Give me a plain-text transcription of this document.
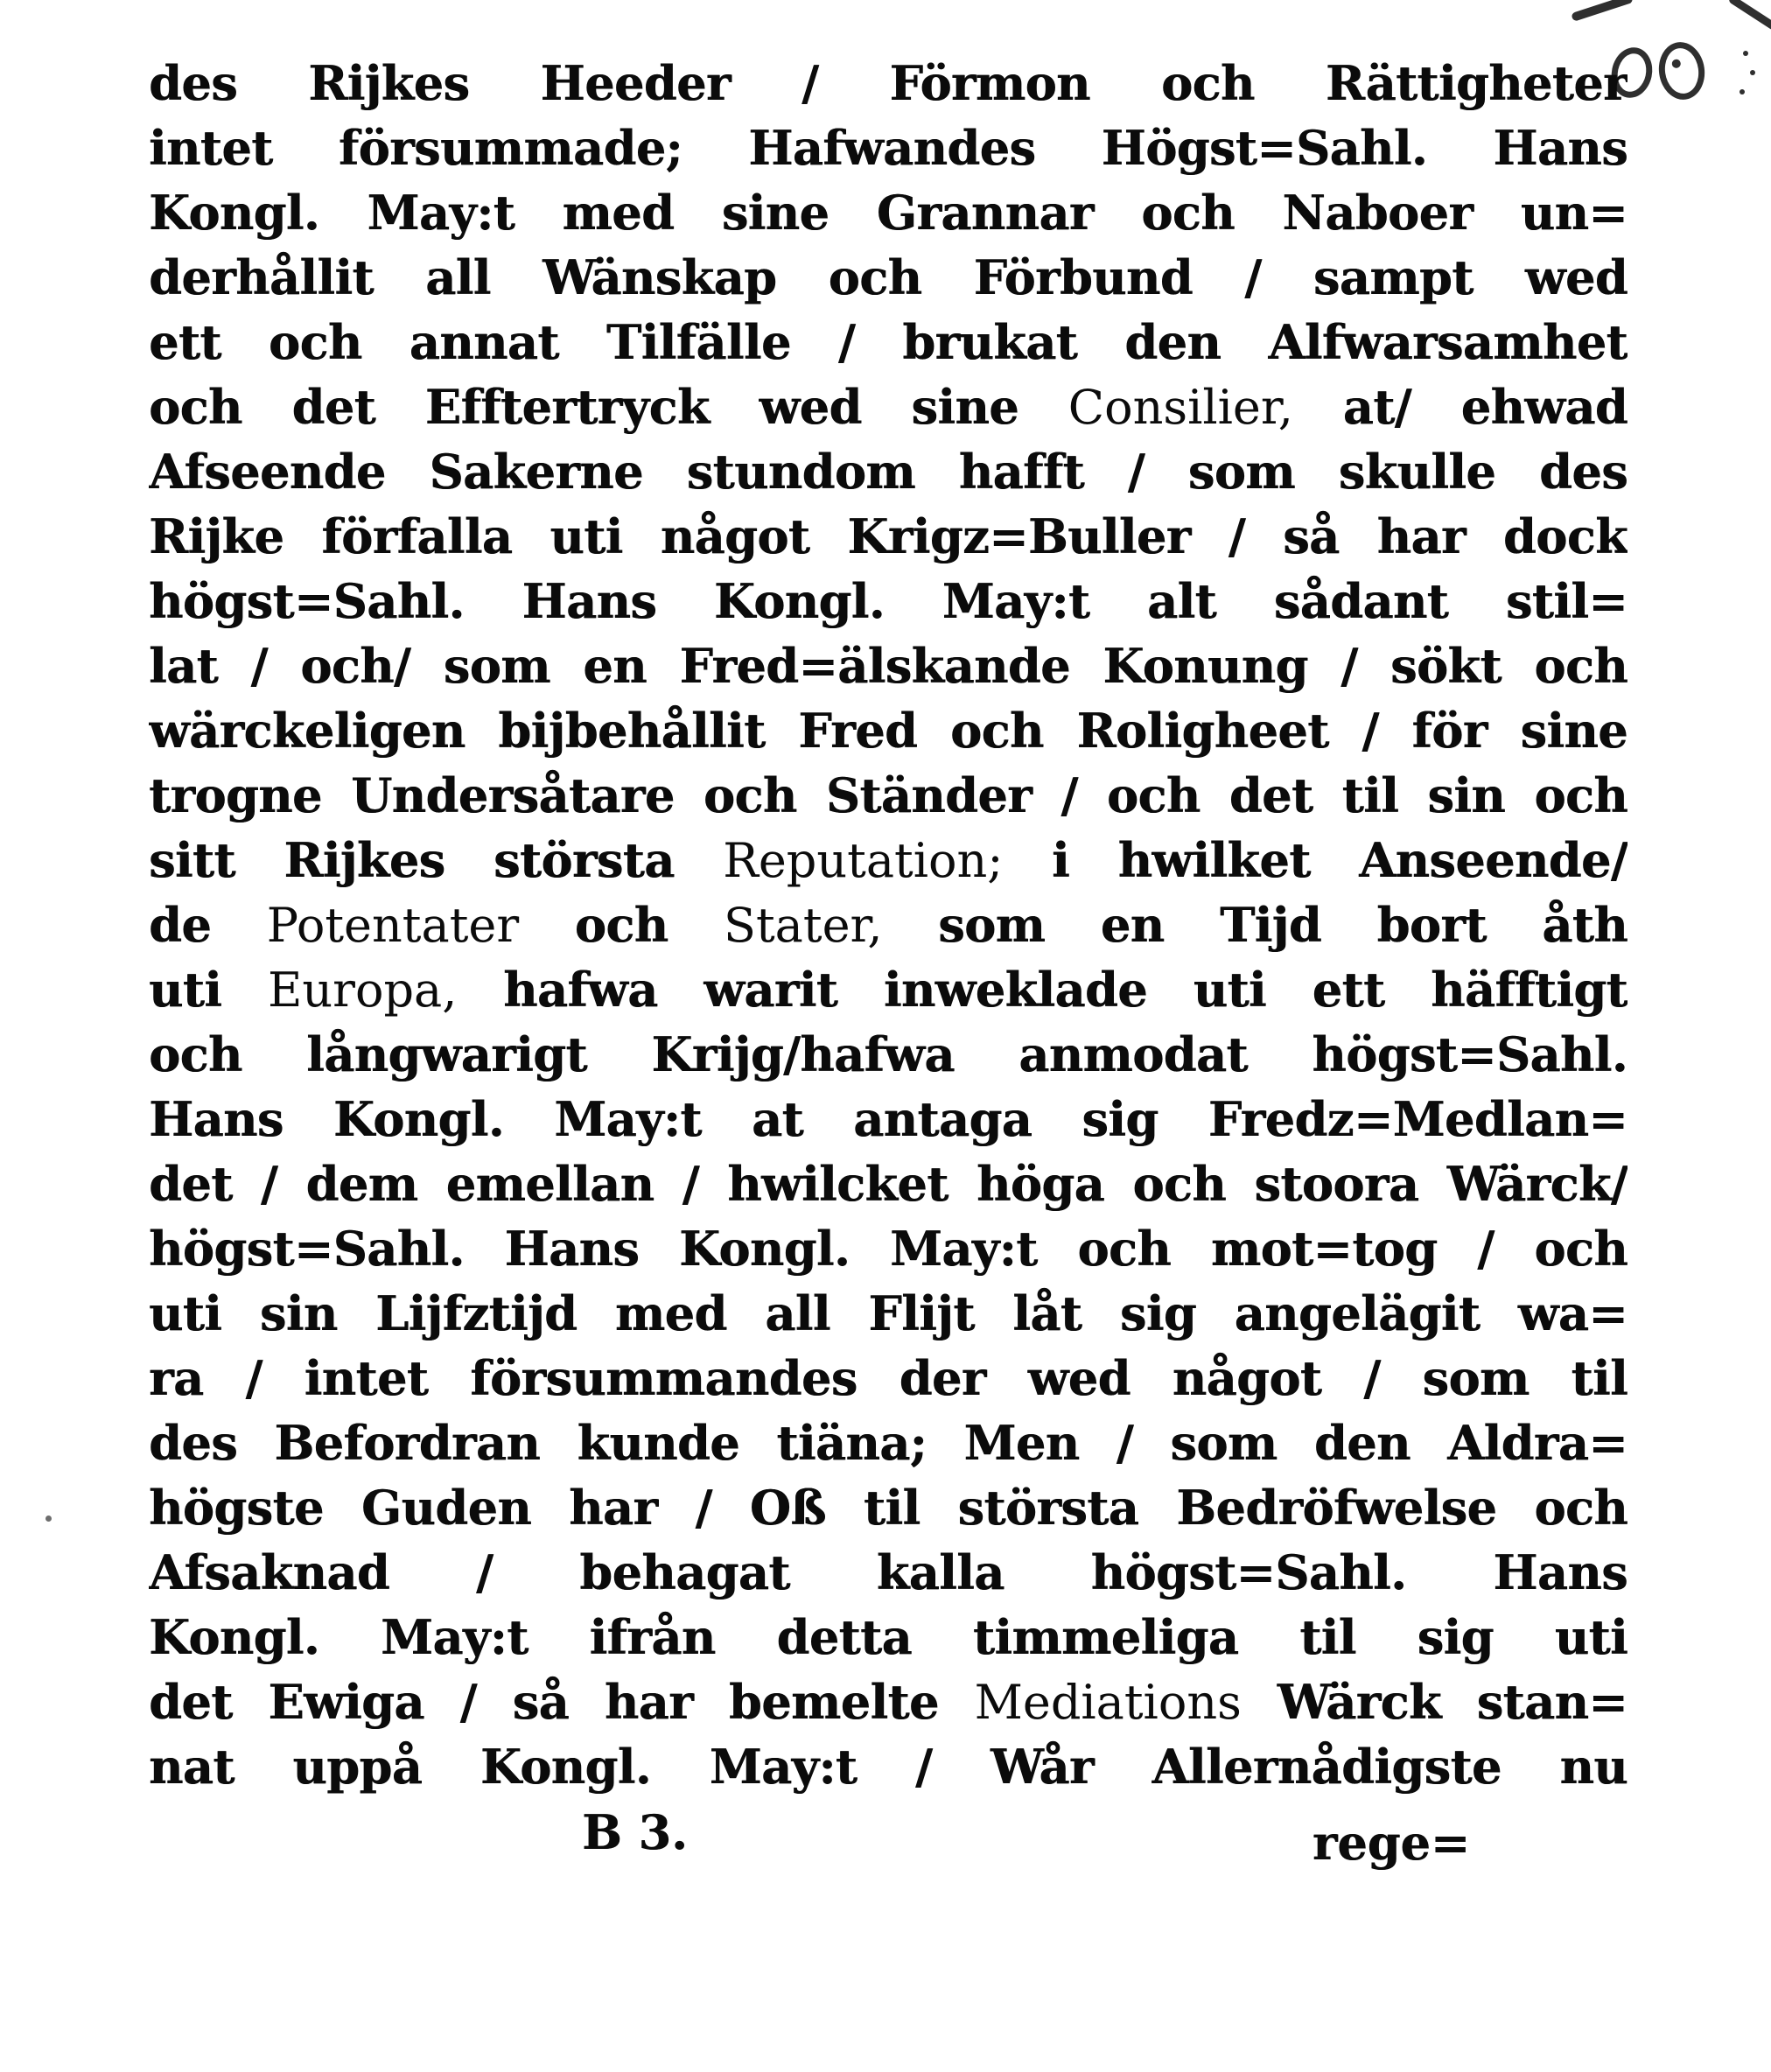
des Rijkes Heeder / Förmon och Rättigheter
intet försummade; Hafwandes Högst=Sahl. Hans
Kongl. May:t med sine Grannar och Naboer un=
derhållit all Wänskap och Förbund / sampt wed
ett och annat Tilfälle / brukat den Alfwarsamhet
och det Efftertryck wed sine Consilier, at/ ehwad
Afseende Sakerne stundom hafft / som skulle des
Rijke förfalla uti något Krigz=Buller / så har dock
högst=Sahl. Hans Kongl. May:t alt sådant stil=
lat / och/ som en Fred=älskande Konung / sökt och
wärckeligen bijbehållit Fred och Roligheet / för sine
trogne Undersåtare och Ständer / och det til sin och
sitt Rijkes största Reputation; i hwilket Anseende/
de Potentater och Stater, som en Tijd bort åth
uti Europa, hafwa warit inweklade uti ett häfftigt
och långwarigt Krijg/hafwa anmodat högst=Sahl.
Hans Kongl. May:t at antaga sig Fredz=Medlan=
det / dem emellan / hwilcket höga och stoora Wärck/
högst=Sahl. Hans Kongl. May:t och mot=tog / och
uti sin Lijfztijd med all Flijt låt sig angelägit wa=
ra / intet försummandes der wed något / som til
des Befordran kunde tiäna; Men / som den Aldra=
högste Guden har / Oß til största Bedröfwelse och
Afsaknad / behagat kalla högst=Sahl. Hans
Kongl. May:t ifrån detta timmeliga til sig uti
det Ewiga / så har bemelte Mediations Wärck stan=
nat uppå Kongl. May:t / Wår Allernådigste nu
B 3.	rege=
